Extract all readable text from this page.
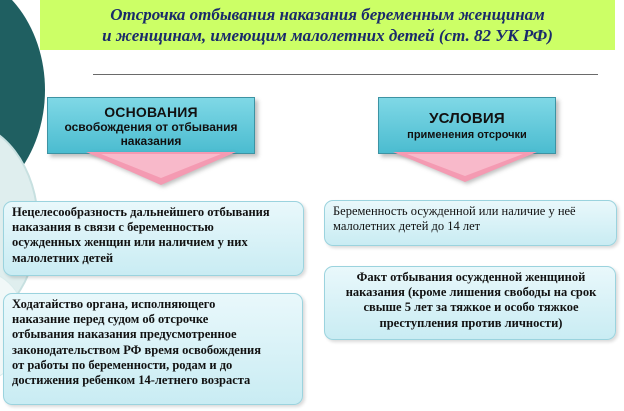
Отсрочка отбывания наказания беременным женщинам
и женщинам, имеющим малолетних детей (ст. 82 УК РФ)
ОСНОВАНИЯ
освобождения от отбывания
наказания
УСЛОВИЯ
применения отсрочки
Нецелесообразность дальнейшего отбывания
наказания в связи с беременностью
осужденных женщин или наличием у них
малолетних детей
Ходатайство органа, исполняющего
наказание перед судом об отсрочке
отбывания наказания предусмотренное
законодательством РФ время освобождения
от работы по беременности, родам и до
достижения ребенком 14-летнего возраста
Беременность осужденной или наличие у неё
малолетних детей до 14 лет
Факт отбывания осужденной женщиной
наказания (кроме лишения свободы на срок
свыше 5 лет за тяжкое и особо тяжкое
преступления против личности)
